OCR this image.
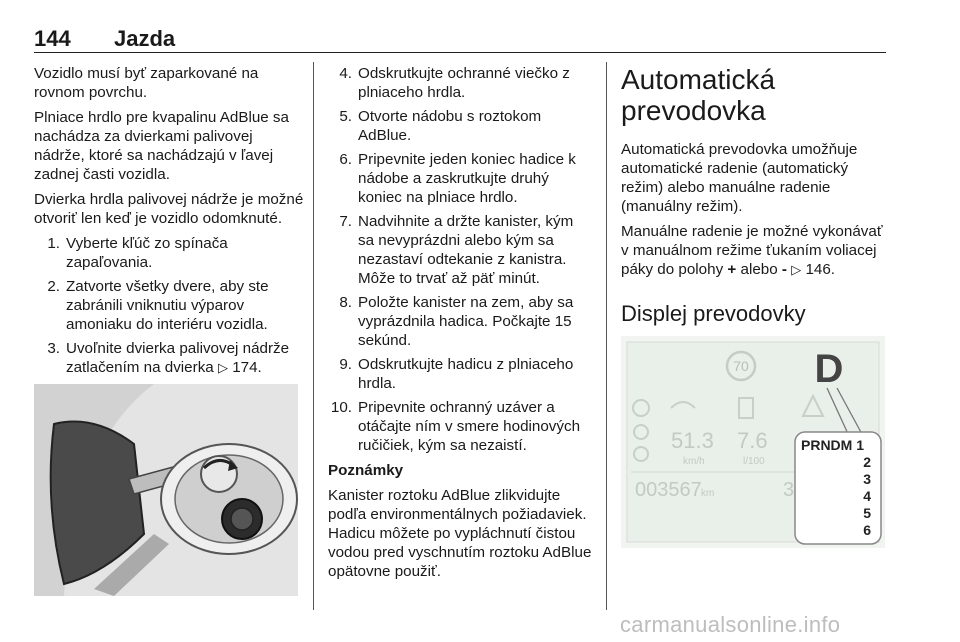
144 Jazda

Vozidlo musí byť zaparkované na rovnom povrchu.

Plniace hrdlo pre kvapalinu AdBlue sa nachádza za dvierkami palivovej nádrže, ktoré sa nachádzajú v ľavej zadnej časti vozidla.

Dvierka hrdla palivovej nádrže je možné otvoriť len keď je vozidlo odomknuté.

1. Vyberte kľúč zo spínača zapaľovania.
2. Zatvorte všetky dvere, aby ste zabránili vniknutiu výparov amoniaku do interiéru vozidla.
3. Uvoľnite dvierka palivovej nádrže zatlačením na dvierka ▷ 174.
4. Odskrutkujte ochranné viečko z plniaceho hrdla.
5. Otvorte nádobu s roztokom AdBlue.
6. Pripevnite jeden koniec hadice k nádobe a zaskrutkujte druhý koniec na plniace hrdlo.
7. Nadvihnite a držte kanister, kým sa nevyprázdni alebo kým sa nezastaví odtekanie z kanistra. Môže to trvať až päť minút.
8. Položte kanister na zem, aby sa vyprázdnila hadica. Počkajte 15 sekúnd.
9. Odskrutkujte hadicu z plniaceho hrdla.
10. Pripevnite ochranný uzáver a otáčajte ním v smere hodinových ručičiek, kým sa nezaistí.

Poznámky

Kanister roztoku AdBlue zlikvidujte podľa environmentálnych požiadaviek. Hadicu môžete po vypláchnutí čistou vodou pred vyschnutím roztoku AdBlue opätovne použiť.

Automatická prevodovka

Automatická prevodovka umožňuje automatické radenie (automatický režim) alebo manuálne radenie (manuálny režim).

Manuálne radenie je možné vykonávať v manuálnom režime ťukaním voliacej páky do polohy + alebo - ▷ 146.

Displej prevodovky
70 D
51.3
km/h
7.6
l/100
003567 km	3
PRNDM 1
2
3
4
5
6
carmanualsonline.info
